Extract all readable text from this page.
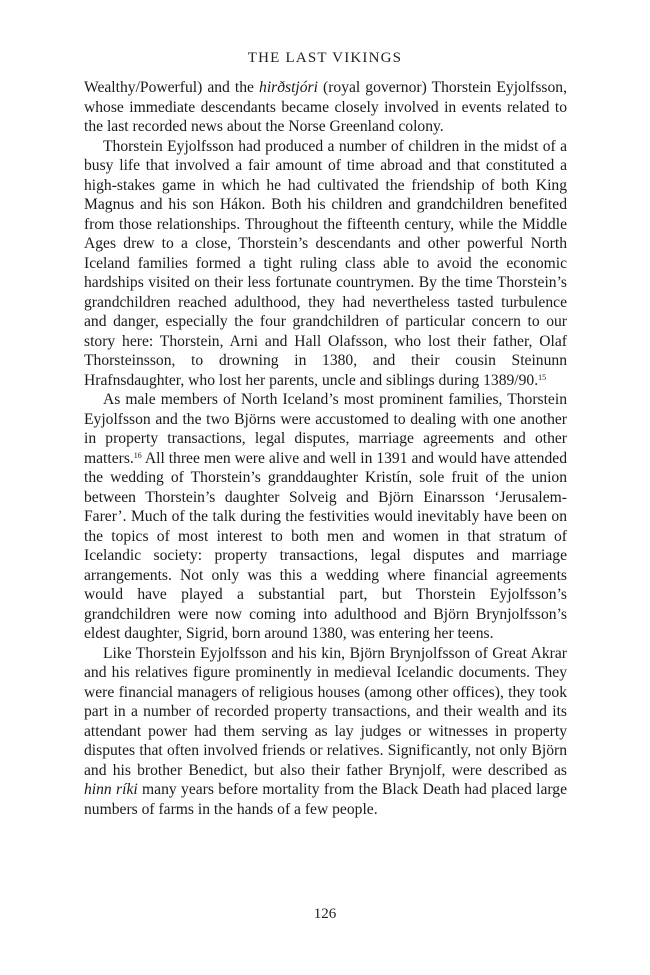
THE LAST VIKINGS

Wealthy/Powerful) and the hirðstjóri (royal governor) Thorstein Eyjolfsson, whose immediate descendants became closely involved in events related to the last recorded news about the Norse Greenland colony.

Thorstein Eyjolfsson had produced a number of children in the midst of a busy life that involved a fair amount of time abroad and that constituted a high-stakes game in which he had cultivated the friendship of both King Magnus and his son Hákon. Both his children and grandchildren benefited from those relationships. Throughout the fifteenth century, while the Middle Ages drew to a close, Thorstein’s descendants and other powerful North Iceland families formed a tight ruling class able to avoid the economic hardships visited on their less fortunate countrymen. By the time Thorstein’s grandchildren reached adulthood, they had nevertheless tasted turbulence and danger, especially the four grandchildren of particular concern to our story here: Thorstein, Arni and Hall Olafsson, who lost their father, Olaf Thorsteinsson, to drowning in 1380, and their cousin Steinunn Hrafnsdaughter, who lost her parents, uncle and siblings during 1389/90.15

As male members of North Iceland’s most prominent families, Thorstein Eyjolfsson and the two Björns were accustomed to dealing with one another in property transactions, legal disputes, marriage agreements and other matters.$^{16}$ All three men were alive and well in 1391 and would have attended the wedding of Thorstein’s granddaughter Kristín, sole fruit of the union between Thorstein’s daughter Solveig and Björn Einarsson ‘Jerusalem-Farer’. Much of the talk during the festivities would inevitably have been on the topics of most interest to both men and women in that stratum of Icelandic society: property transactions, legal disputes and marriage arrangements. Not only was this a wedding where financial agreements would have played a substantial part, but Thorstein Eyjolfsson’s grandchildren were now coming into adulthood and Björn Brynjolfsson’s eldest daughter, Sigrid, born around 1380, was entering her teens.

Like Thorstein Eyjolfsson and his kin, Björn Brynjolfsson of Great Akrar and his relatives figure prominently in medieval Icelandic documents. They were financial managers of religious houses (among other offices), they took part in a number of recorded property transactions, and their wealth and its attendant power had them serving as lay judges or witnesses in property disputes that often involved friends or relatives. Significantly, not only Björn and his brother Benedict, but also their father Brynjolf, were described as hinn ríki many years before mortality from the Black Death had placed large numbers of farms in the hands of a few people.

126
